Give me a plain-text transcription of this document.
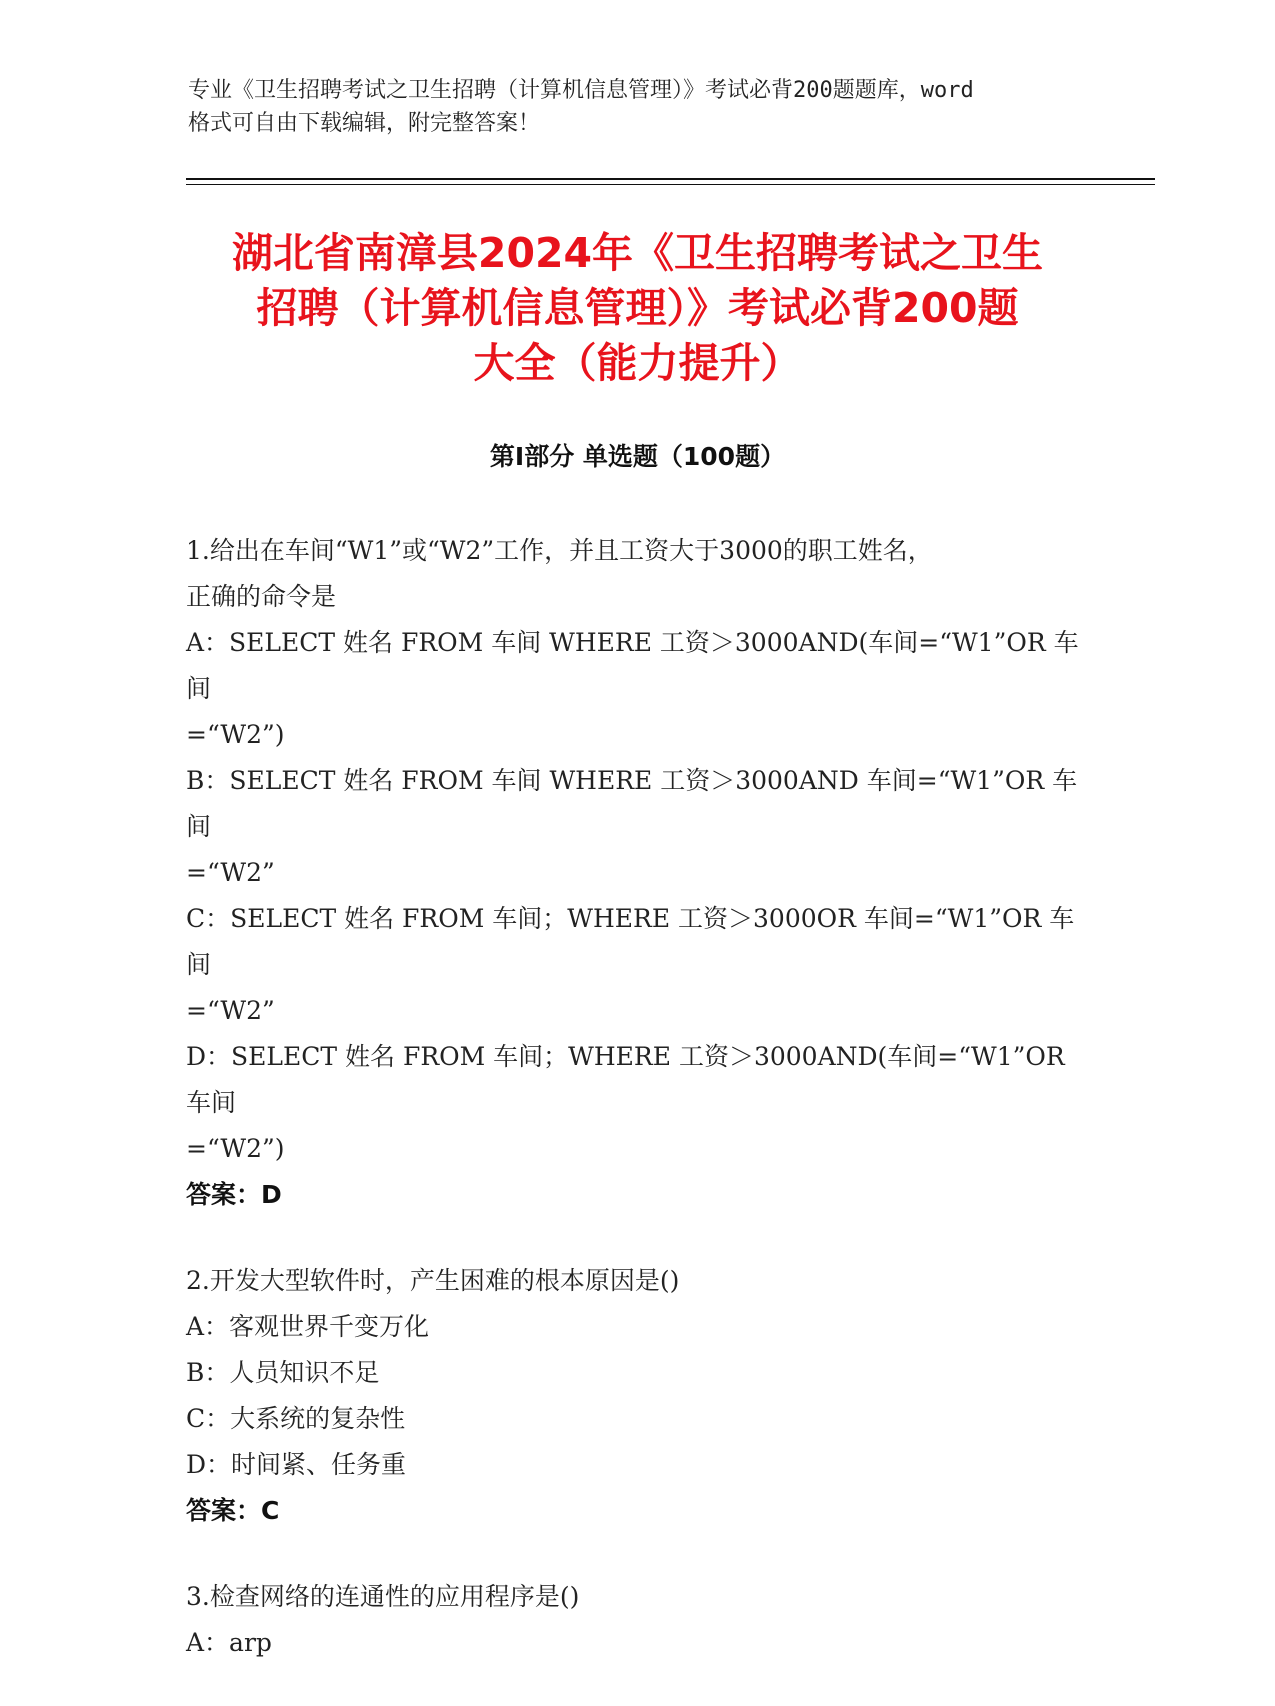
专业《卫生招聘考试之卫生招聘（计算机信息管理）》考试必背200题题库，word
格式可自由下载编辑，附完整答案！
湖北省南漳县2024年《卫生招聘考试之卫生
招聘（计算机信息管理）》考试必背200题
大全（能力提升）
第Ⅰ部分 单选题（100题）

1.给出在车间“W1”或“W2”工作，并且工资大于3000的职工姓名，

正确的命令是

A：SELECT 姓名 FROM 车间 WHERE 工资＞3000AND(车间=“W1”OR 车间

=“W2”)

B：SELECT 姓名 FROM 车间 WHERE 工资＞3000AND 车间=“W1”OR 车间

=“W2”

C：SELECT 姓名 FROM 车间；WHERE 工资＞3000OR 车间=“W1”OR 车间

=“W2”

D：SELECT 姓名 FROM 车间；WHERE 工资＞3000AND(车间=“W1”OR 车间

=“W2”)

答案：D

2.开发大型软件时，产生困难的根本原因是()

A：客观世界千变万化

B：人员知识不足

C：大系统的复杂性

D：时间紧、任务重

答案：C

3.检查网络的连通性的应用程序是()

A：arp
